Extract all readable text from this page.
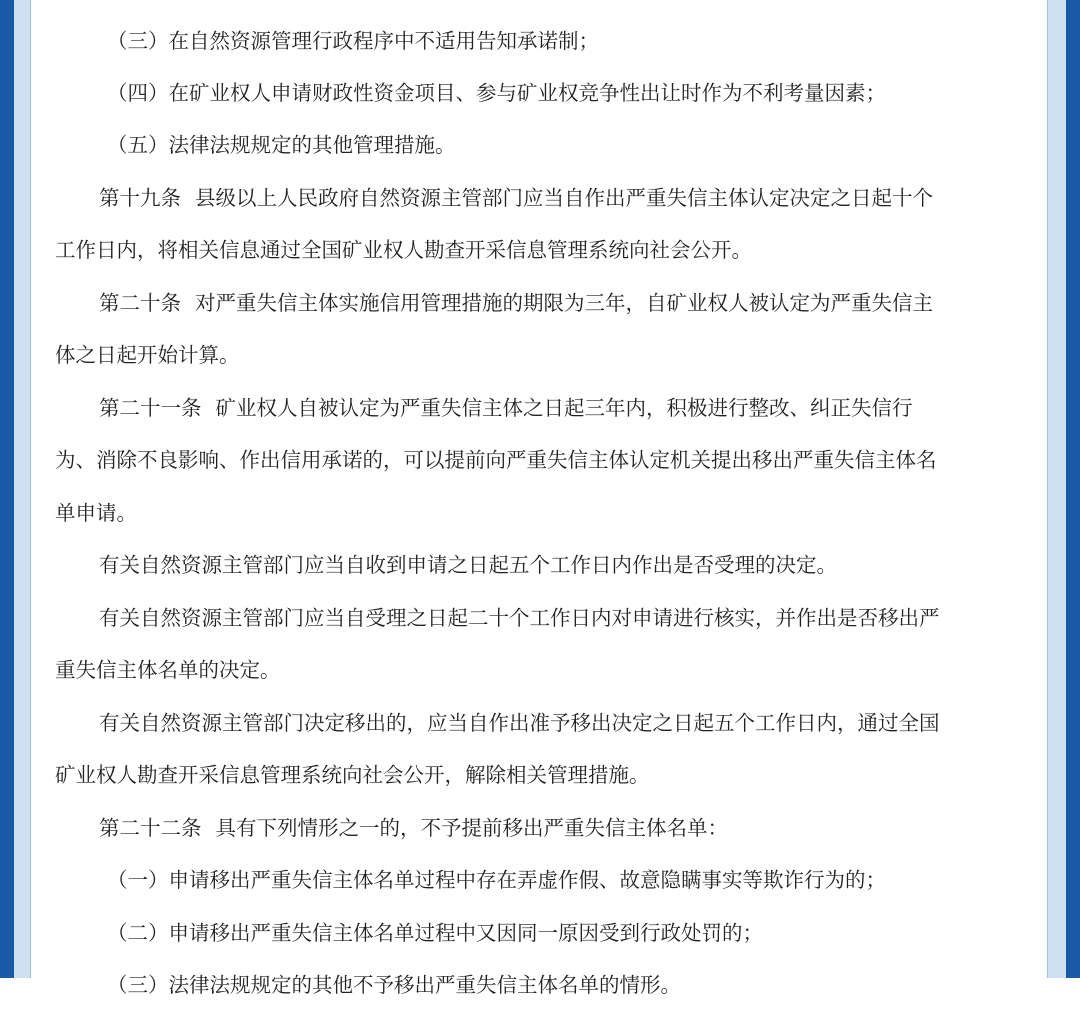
（三）在自然资源管理行政程序中不适用告知承诺制；
（四）在矿业权人申请财政性资金项目、参与矿业权竞争性出让时作为不利考量因素；
（五）法律法规规定的其他管理措施。
第十九条 县级以上人民政府自然资源主管部门应当自作出严重失信主体认定决定之日起十个
工作日内，将相关信息通过全国矿业权人勘查开采信息管理系统向社会公开。
第二十条 对严重失信主体实施信用管理措施的期限为三年，自矿业权人被认定为严重失信主
体之日起开始计算。
第二十一条 矿业权人自被认定为严重失信主体之日起三年内，积极进行整改、纠正失信行
为、消除不良影响、作出信用承诺的，可以提前向严重失信主体认定机关提出移出严重失信主体名
单申请。
有关自然资源主管部门应当自收到申请之日起五个工作日内作出是否受理的决定。
有关自然资源主管部门应当自受理之日起二十个工作日内对申请进行核实，并作出是否移出严
重失信主体名单的决定。
有关自然资源主管部门决定移出的，应当自作出准予移出决定之日起五个工作日内，通过全国
矿业权人勘查开采信息管理系统向社会公开，解除相关管理措施。
第二十二条 具有下列情形之一的，不予提前移出严重失信主体名单：
（一）申请移出严重失信主体名单过程中存在弄虚作假、故意隐瞒事实等欺诈行为的；
（二）申请移出严重失信主体名单过程中又因同一原因受到行政处罚的；
（三）法律法规规定的其他不予移出严重失信主体名单的情形。
